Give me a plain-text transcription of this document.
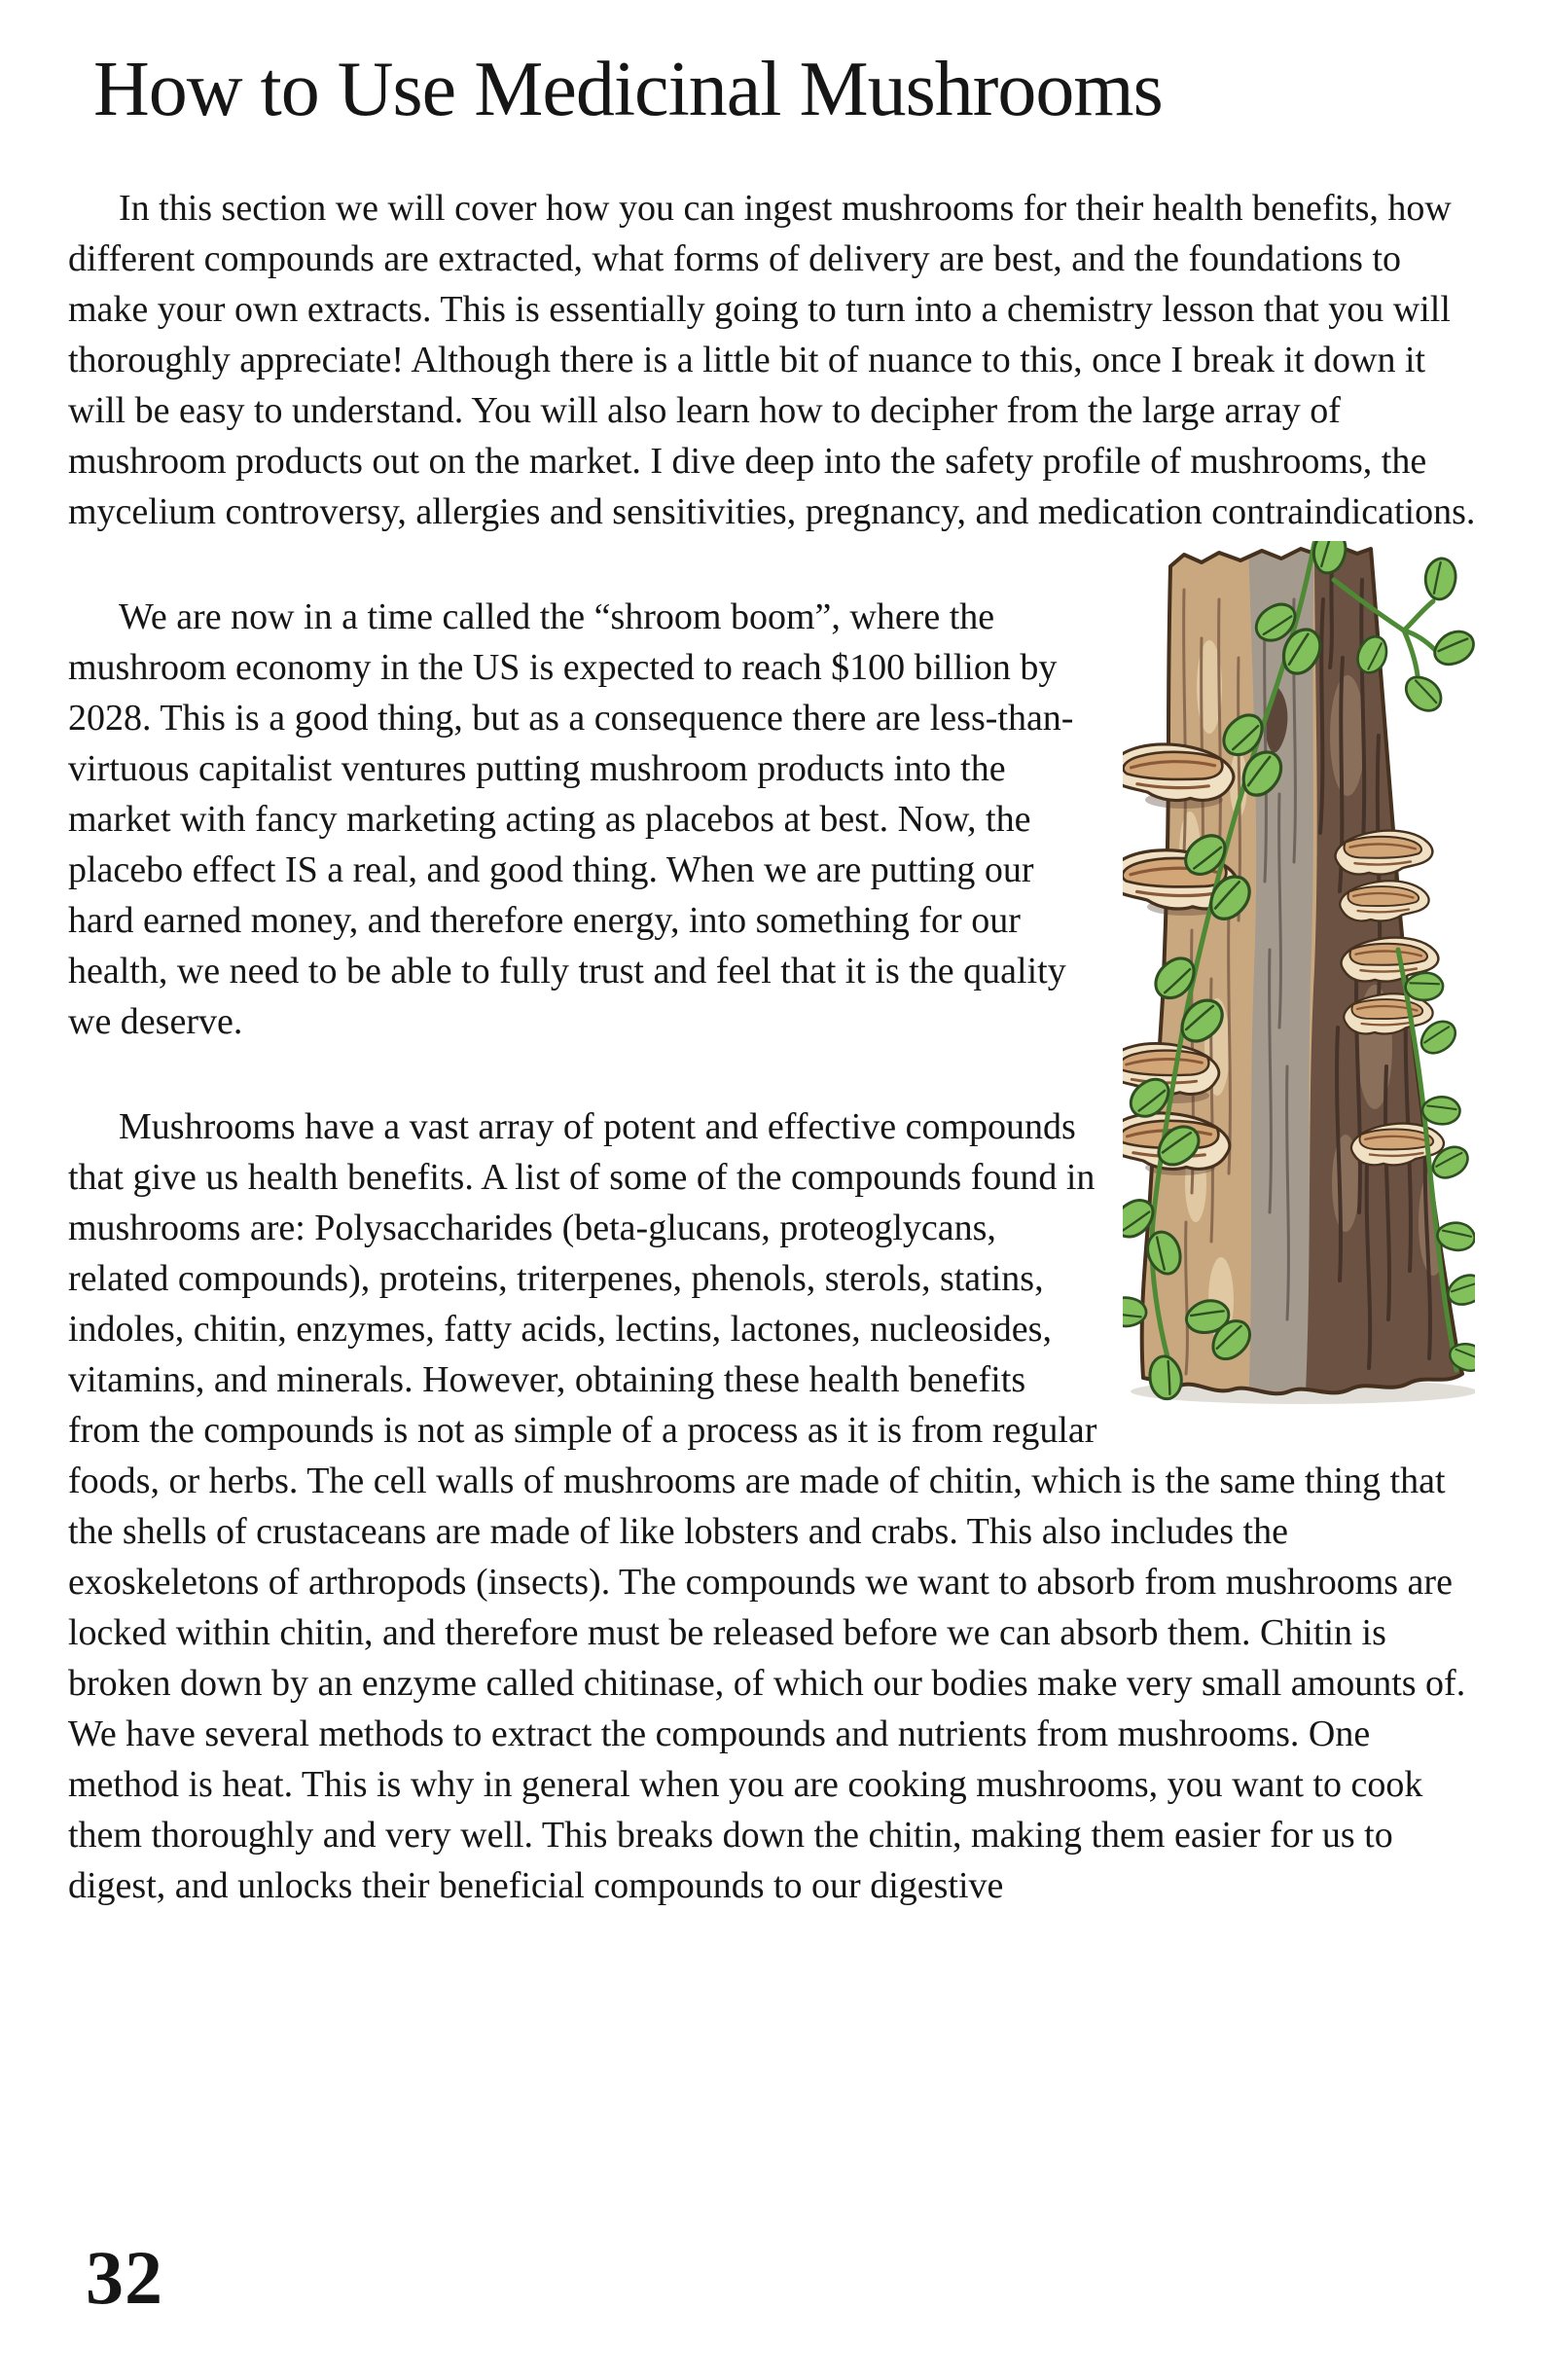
How to Use Medicinal Mushrooms

In this section we will cover how you can ingest mushrooms for their health benefits, how different compounds are extracted, what forms of delivery are best, and the foundations to make your own extracts. This is essentially going to turn into a chemistry lesson that you will thoroughly appreciate! Although there is a little bit of nuance to this, once I break it down it will be easy to understand. You will also learn how to decipher from the large array of mushroom products out on the market. I dive deep into the safety profile of mushrooms, the mycelium controversy, allergies and sensitivities, pregnancy, and medication contraindications.

We are now in a time called the “shroom boom”, where the mushroom economy in the US is expected to reach $100 billion by 2028. This is a good thing, but as a consequence there are less-than-virtuous capitalist ventures putting mushroom products into the market with fancy marketing acting as placebos at best. Now, the placebo effect IS a real, and good thing. When we are putting our hard earned money, and therefore energy, into something for our health, we need to be able to fully trust and feel that it is the quality we deserve.

Mushrooms have a vast array of potent and effective compounds that give us health benefits. A list of some of the compounds found in mushrooms are: Polysaccharides (beta-glucans, proteoglycans, related compounds), proteins, triterpenes, phenols, sterols, statins, indoles, chitin, enzymes, fatty acids, lectins, lactones, nucleosides, vitamins, and minerals. However, obtaining these health benefits from the compounds is not as simple of a process as it is from regular foods, or herbs. The cell walls of mushrooms are made of chitin, which is the same thing that the shells of crustaceans are made of like lobsters and crabs. This also includes the exoskeletons of arthropods (insects). The compounds we want to absorb from mushrooms are locked within chitin, and therefore must be released before we can absorb them. Chitin is broken down by an enzyme called chitinase, of which our bodies make very small amounts of. We have several methods to extract the compounds and nutrients from mushrooms. One method is heat. This is why in general when you are cooking mushrooms, you want to cook them thoroughly and very well. This breaks down the chitin, making them easier for us to digest, and unlocks their beneficial compounds to our digestive

32
